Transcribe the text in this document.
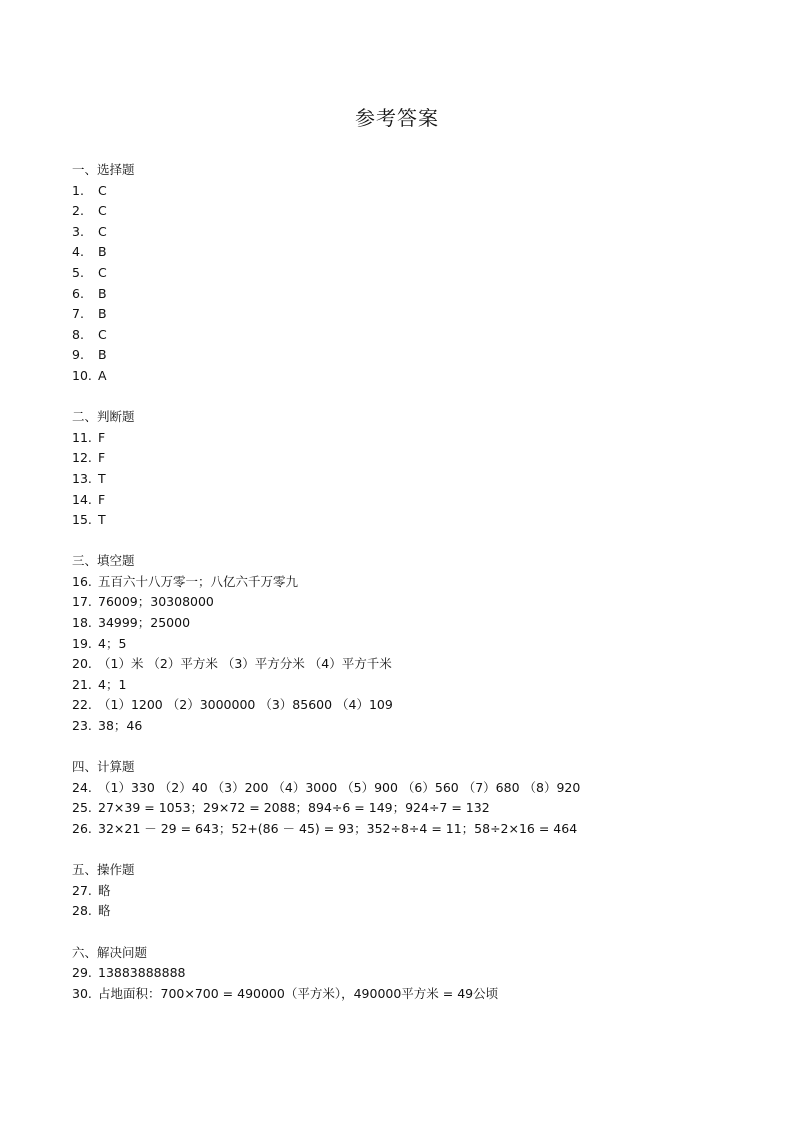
参考答案
一、选择题
1. C
2. C
3. C
4. B
5. C
6. B
7. B
8. C
9. B
10. A
二、判断题
11. F
12. F
13. T
14. F
15. T
三、填空题
16. 五百六十八万零一；八亿六千万零九
17. 76009；30308000
18. 34999；25000
19. 4；5
20. （1）米 （2）平方米 （3）平方分米 （4）平方千米
21. 4；1
22. （1）1200 （2）3000000 （3）85600 （4）109
23. 38；46
四、计算题
24. （1）330 （2）40 （3）200 （4）3000 （5）900 （6）560 （7）680 （8）920
25. 27×39 = 1053；29×72 = 2088；894÷6 = 149；924÷7 = 132
26. 32×21 － 29 = 643；52+(86 － 45) = 93；352÷8÷4 = 11；58÷2×16 = 464
五、操作题
27. 略
28. 略
六、解决问题
29. 13883888888
30. 占地面积：700×700 = 490000（平方米），490000平方米 = 49公顷
